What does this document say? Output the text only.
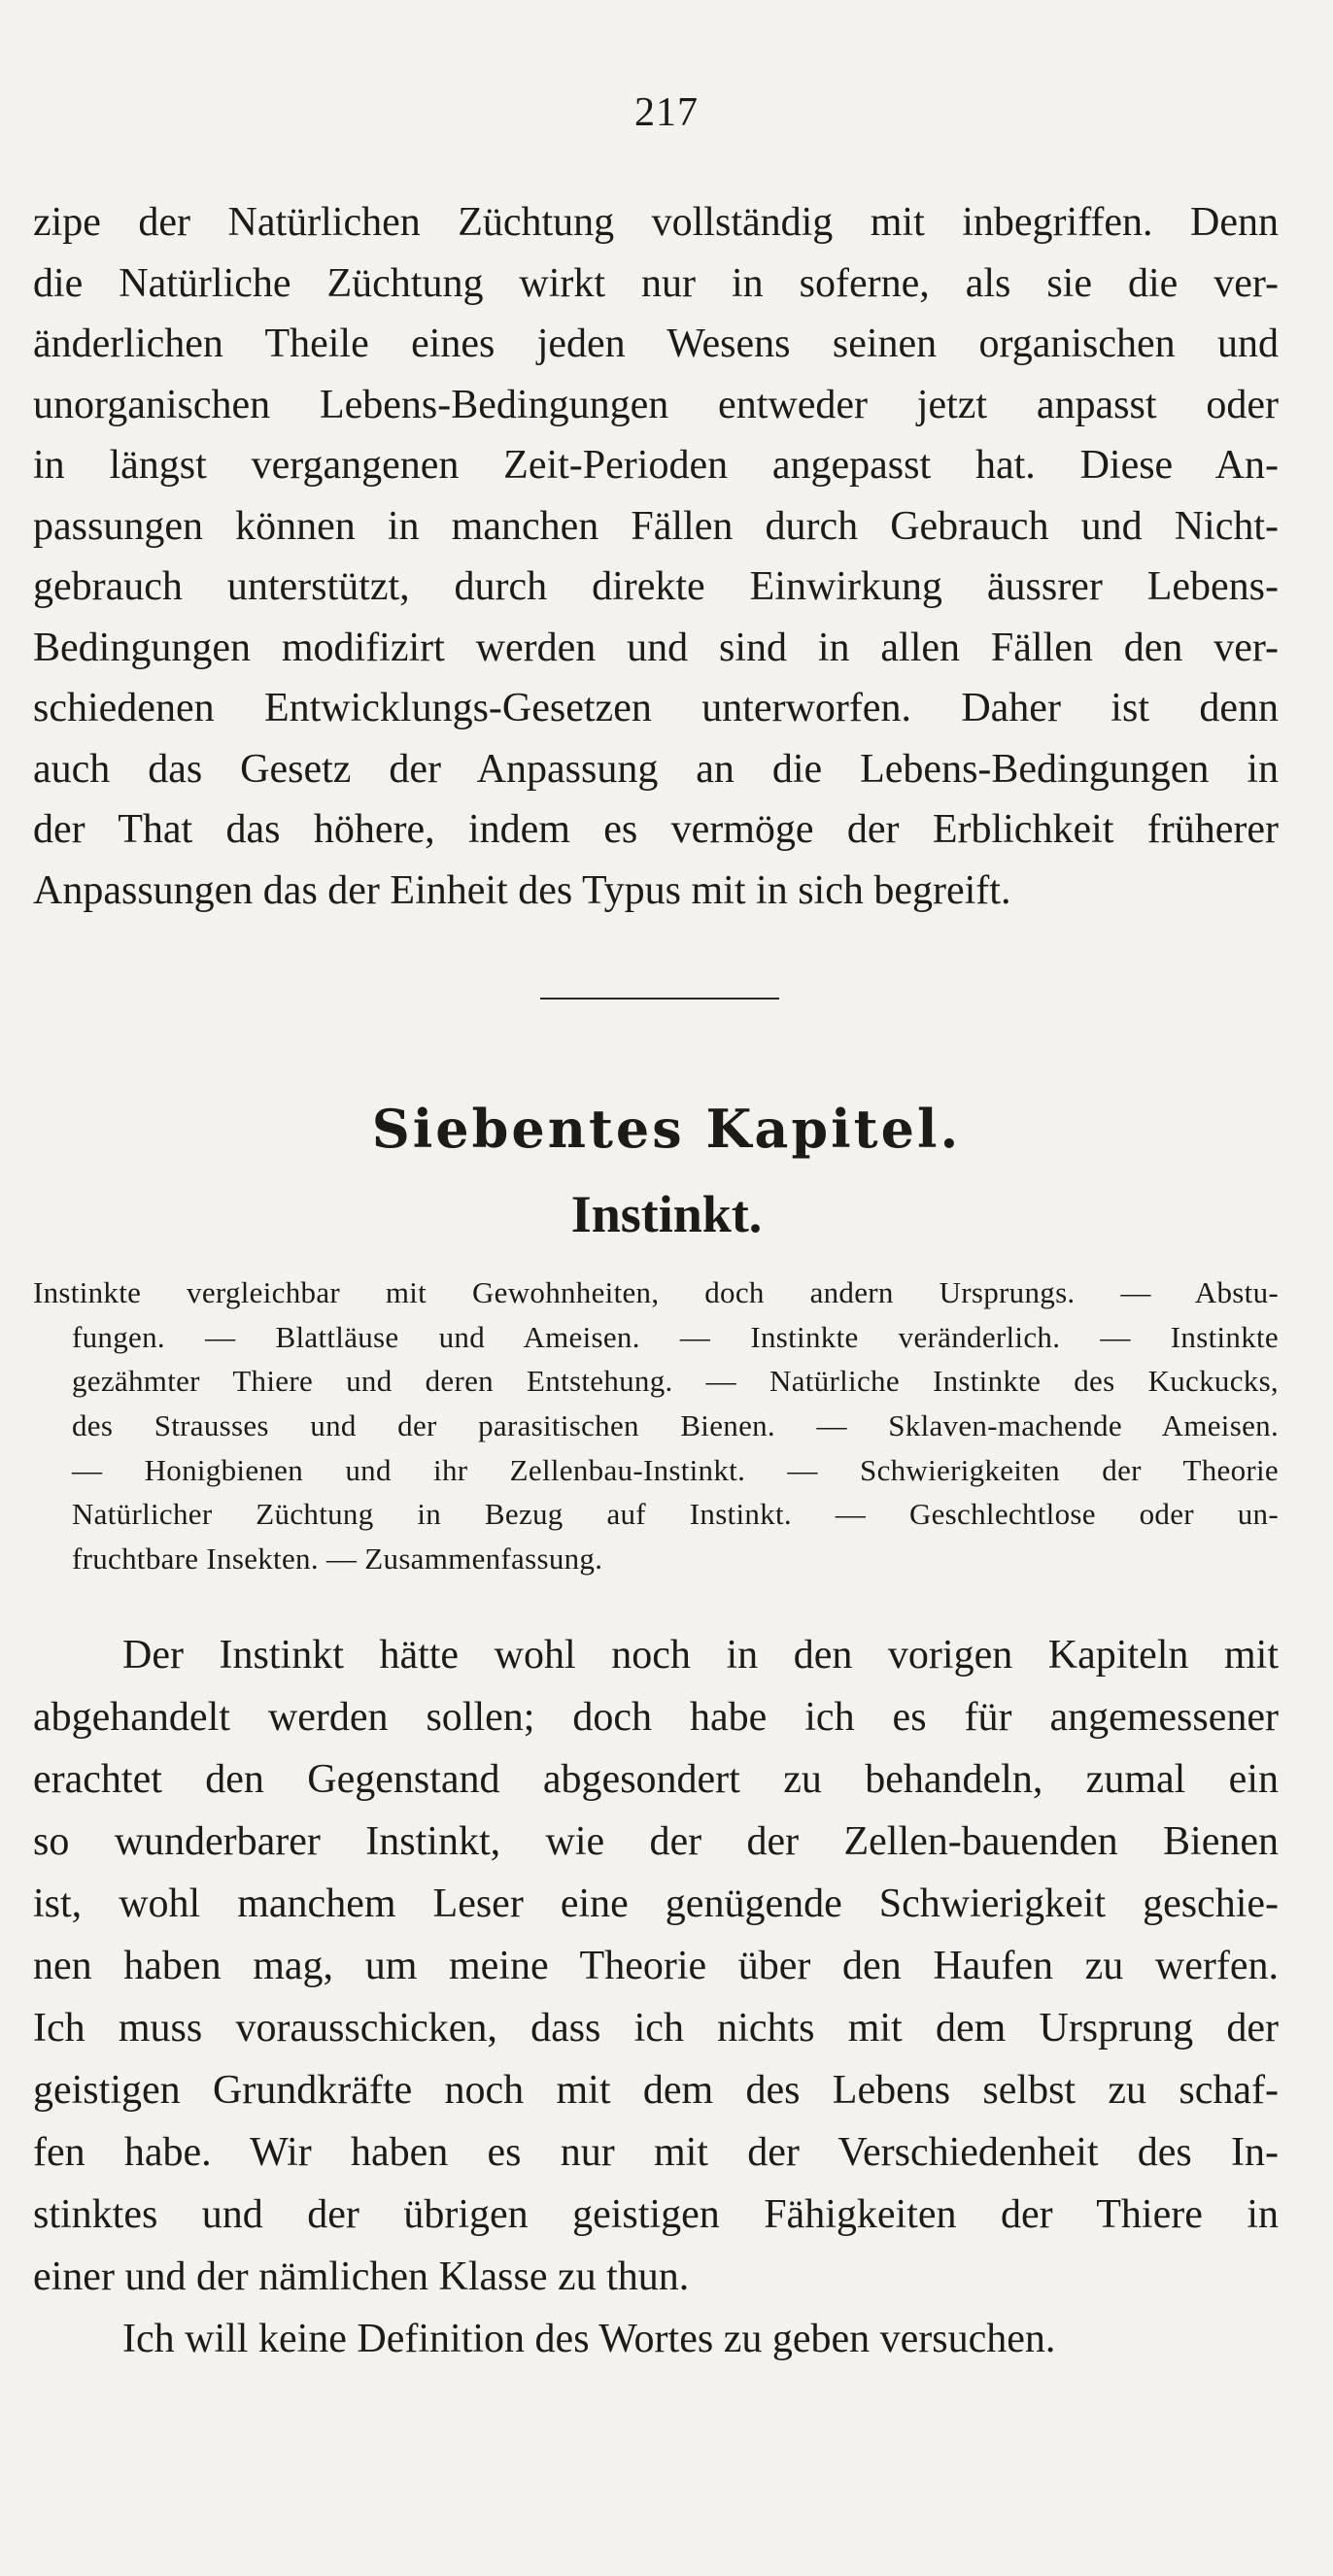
217
zipe der Natürlichen Züchtung vollständig mit inbegriffen. Denn
die Natürliche Züchtung wirkt nur in soferne, als sie die ver-
änderlichen Theile eines jeden Wesens seinen organischen und
unorganischen Lebens-Bedingungen entweder jetzt anpasst oder
in längst vergangenen Zeit-Perioden angepasst hat. Diese An-
passungen können in manchen Fällen durch Gebrauch und Nicht-
gebrauch unterstützt, durch direkte Einwirkung äussrer Lebens-
Bedingungen modifizirt werden und sind in allen Fällen den ver-
schiedenen Entwicklungs-Gesetzen unterworfen. Daher ist denn
auch das Gesetz der Anpassung an die Lebens-Bedingungen in
der That das höhere, indem es vermöge der Erblichkeit früherer
Anpassungen das der Einheit des Typus mit in sich begreift.
Siebentes Kapitel.
Instinkt.
Instinkte vergleichbar mit Gewohnheiten, doch andern Ursprungs. — Abstu-
fungen. — Blattläuse und Ameisen. — Instinkte veränderlich. — Instinkte
gezähmter Thiere und deren Entstehung. — Natürliche Instinkte des Kuckucks,
des Strausses und der parasitischen Bienen. — Sklaven-machende Ameisen.
— Honigbienen und ihr Zellenbau-Instinkt. — Schwierigkeiten der Theorie
Natürlicher Züchtung in Bezug auf Instinkt. — Geschlechtlose oder un-
fruchtbare Insekten. — Zusammenfassung.
Der Instinkt hätte wohl noch in den vorigen Kapiteln mit
abgehandelt werden sollen; doch habe ich es für angemessener
erachtet den Gegenstand abgesondert zu behandeln, zumal ein
so wunderbarer Instinkt, wie der der Zellen-bauenden Bienen
ist, wohl manchem Leser eine genügende Schwierigkeit geschie-
nen haben mag, um meine Theorie über den Haufen zu werfen.
Ich muss vorausschicken, dass ich nichts mit dem Ursprung der
geistigen Grundkräfte noch mit dem des Lebens selbst zu schaf-
fen habe. Wir haben es nur mit der Verschiedenheit des In-
stinktes und der übrigen geistigen Fähigkeiten der Thiere in
einer und der nämlichen Klasse zu thun.
Ich will keine Definition des Wortes zu geben versuchen.
